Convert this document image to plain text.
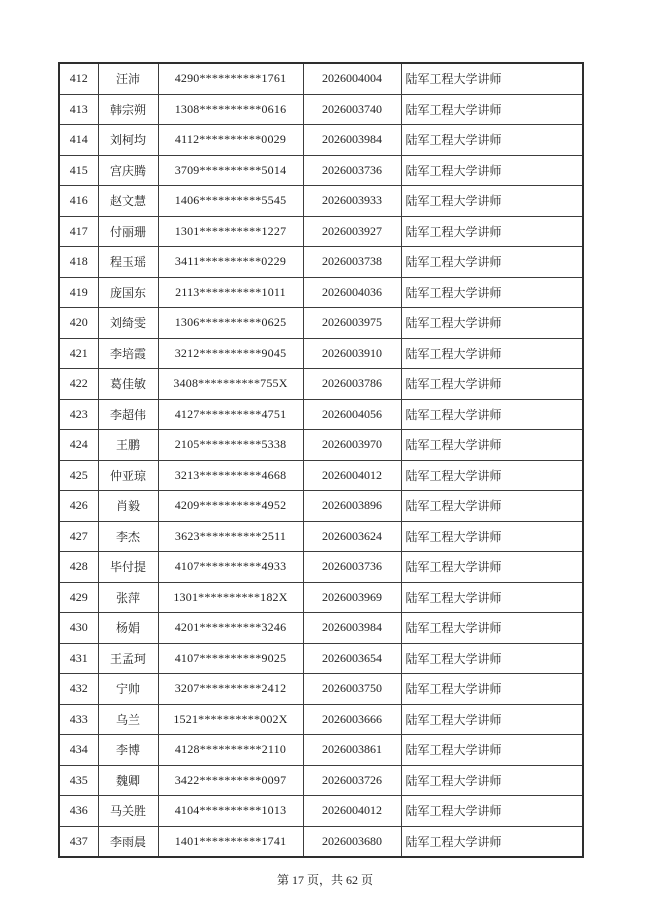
412	汪沛	4290**********1761	2026004004	陆军工程大学讲师
413	韩宗朔	1308**********0616	2026003740	陆军工程大学讲师
414	刘柯均	4112**********0029	2026003984	陆军工程大学讲师
415	宫庆腾	3709**********5014	2026003736	陆军工程大学讲师
416	赵文慧	1406**********5545	2026003933	陆军工程大学讲师
417	付丽珊	1301**********1227	2026003927	陆军工程大学讲师
418	程玉瑶	3411**********0229	2026003738	陆军工程大学讲师
419	庞国东	2113**********1011	2026004036	陆军工程大学讲师
420	刘绮雯	1306**********0625	2026003975	陆军工程大学讲师
421	李培霞	3212**********9045	2026003910	陆军工程大学讲师
422	葛佳敏	3408**********755X	2026003786	陆军工程大学讲师
423	李超伟	4127**********4751	2026004056	陆军工程大学讲师
424	王鹏	2105**********5338	2026003970	陆军工程大学讲师
425	仲亚琼	3213**********4668	2026004012	陆军工程大学讲师
426	肖毅	4209**********4952	2026003896	陆军工程大学讲师
427	李杰	3623**********2511	2026003624	陆军工程大学讲师
428	毕付提	4107**********4933	2026003736	陆军工程大学讲师
429	张萍	1301**********182X	2026003969	陆军工程大学讲师
430	杨娟	4201**********3246	2026003984	陆军工程大学讲师
431	王孟珂	4107**********9025	2026003654	陆军工程大学讲师
432	宁帅	3207**********2412	2026003750	陆军工程大学讲师
433	乌兰	1521**********002X	2026003666	陆军工程大学讲师
434	李博	4128**********2110	2026003861	陆军工程大学讲师
435	魏卿	3422**********0097	2026003726	陆军工程大学讲师
436	马关胜	4104**********1013	2026004012	陆军工程大学讲师
437	李雨晨	1401**********1741	2026003680	陆军工程大学讲师
第 17 页，共 62 页
